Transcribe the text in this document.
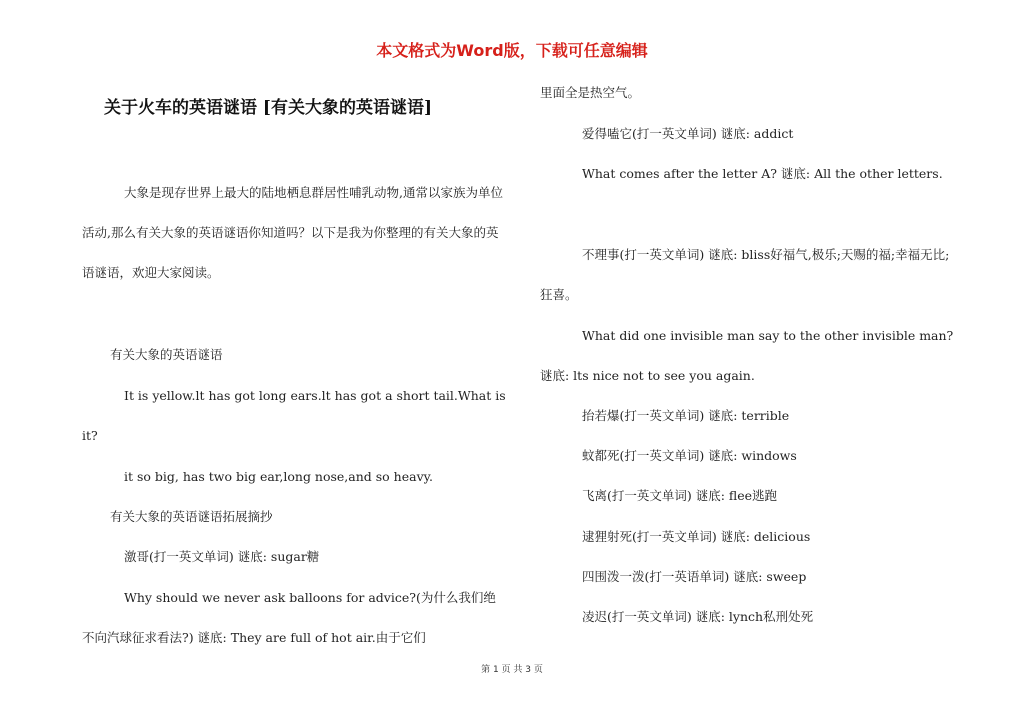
本文格式为Word版，下载可任意编辑
关于火车的英语谜语 [有关大象的英语谜语]

大象是现存世界上最大的陆地栖息群居性哺乳动物,通常以家族为单位活动,那么有关大象的英语谜语你知道吗？以下是我为你整理的有关大象的英语谜语，欢迎大家阅读。

有关大象的英语谜语

It is yellow.lt has got long ears.lt has got a short tail.What is it?

it so big, has two big ear,long nose,and so heavy.

有关大象的英语谜语拓展摘抄

激哥(打一英文单词) 谜底: sugar糖

Why should we never ask balloons for advice?(为什么我们绝不向汽球征求看法?) 谜底: They are full of hot air.由于它们

里面全是热空气。

爱得嗑它(打一英文单词) 谜底: addict

What comes after the letter A? 谜底: All the other letters.

不理事(打一英文单词) 谜底: bliss好福气,极乐;天赐的福;幸福无比;狂喜。

What did one invisible man say to the other invisible man? 谜底: lts nice not to see you again.

抬若爆(打一英文单词) 谜底: terrible

蚊都死(打一英文单词) 谜底: windows

飞离(打一英文单词) 谜底: flee逃跑

逮狸射死(打一英文单词) 谜底: delicious

四围泼一泼(打一英语单词) 谜底: sweep

凌迟(打一英文单词) 谜底: lynch私刑处死

第 1 页 共 3 页
